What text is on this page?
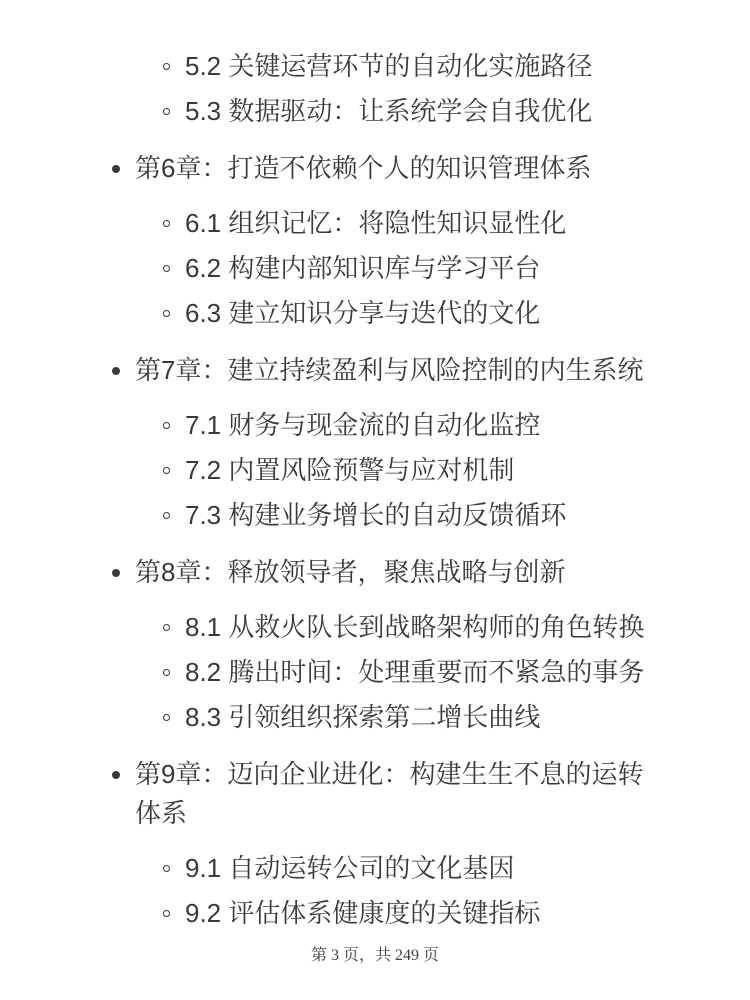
5.2 关键运营环节的自动化实施路径
5.3 数据驱动：让系统学会自我优化
第6章：打造不依赖个人的知识管理体系
6.1 组织记忆：将隐性知识显性化
6.2 构建内部知识库与学习平台
6.3 建立知识分享与迭代的文化
第7章：建立持续盈利与风险控制的内生系统
7.1 财务与现金流的自动化监控
7.2 内置风险预警与应对机制
7.3 构建业务增长的自动反馈循环
第8章：释放领导者，聚焦战略与创新
8.1 从救火队长到战略架构师的角色转换
8.2 腾出时间：处理重要而不紧急的事务
8.3 引领组织探索第二增长曲线
第9章：迈向企业进化：构建生生不息的运转体系
9.1 自动运转公司的文化基因
9.2 评估体系健康度的关键指标
第 3 页，共 249 页
